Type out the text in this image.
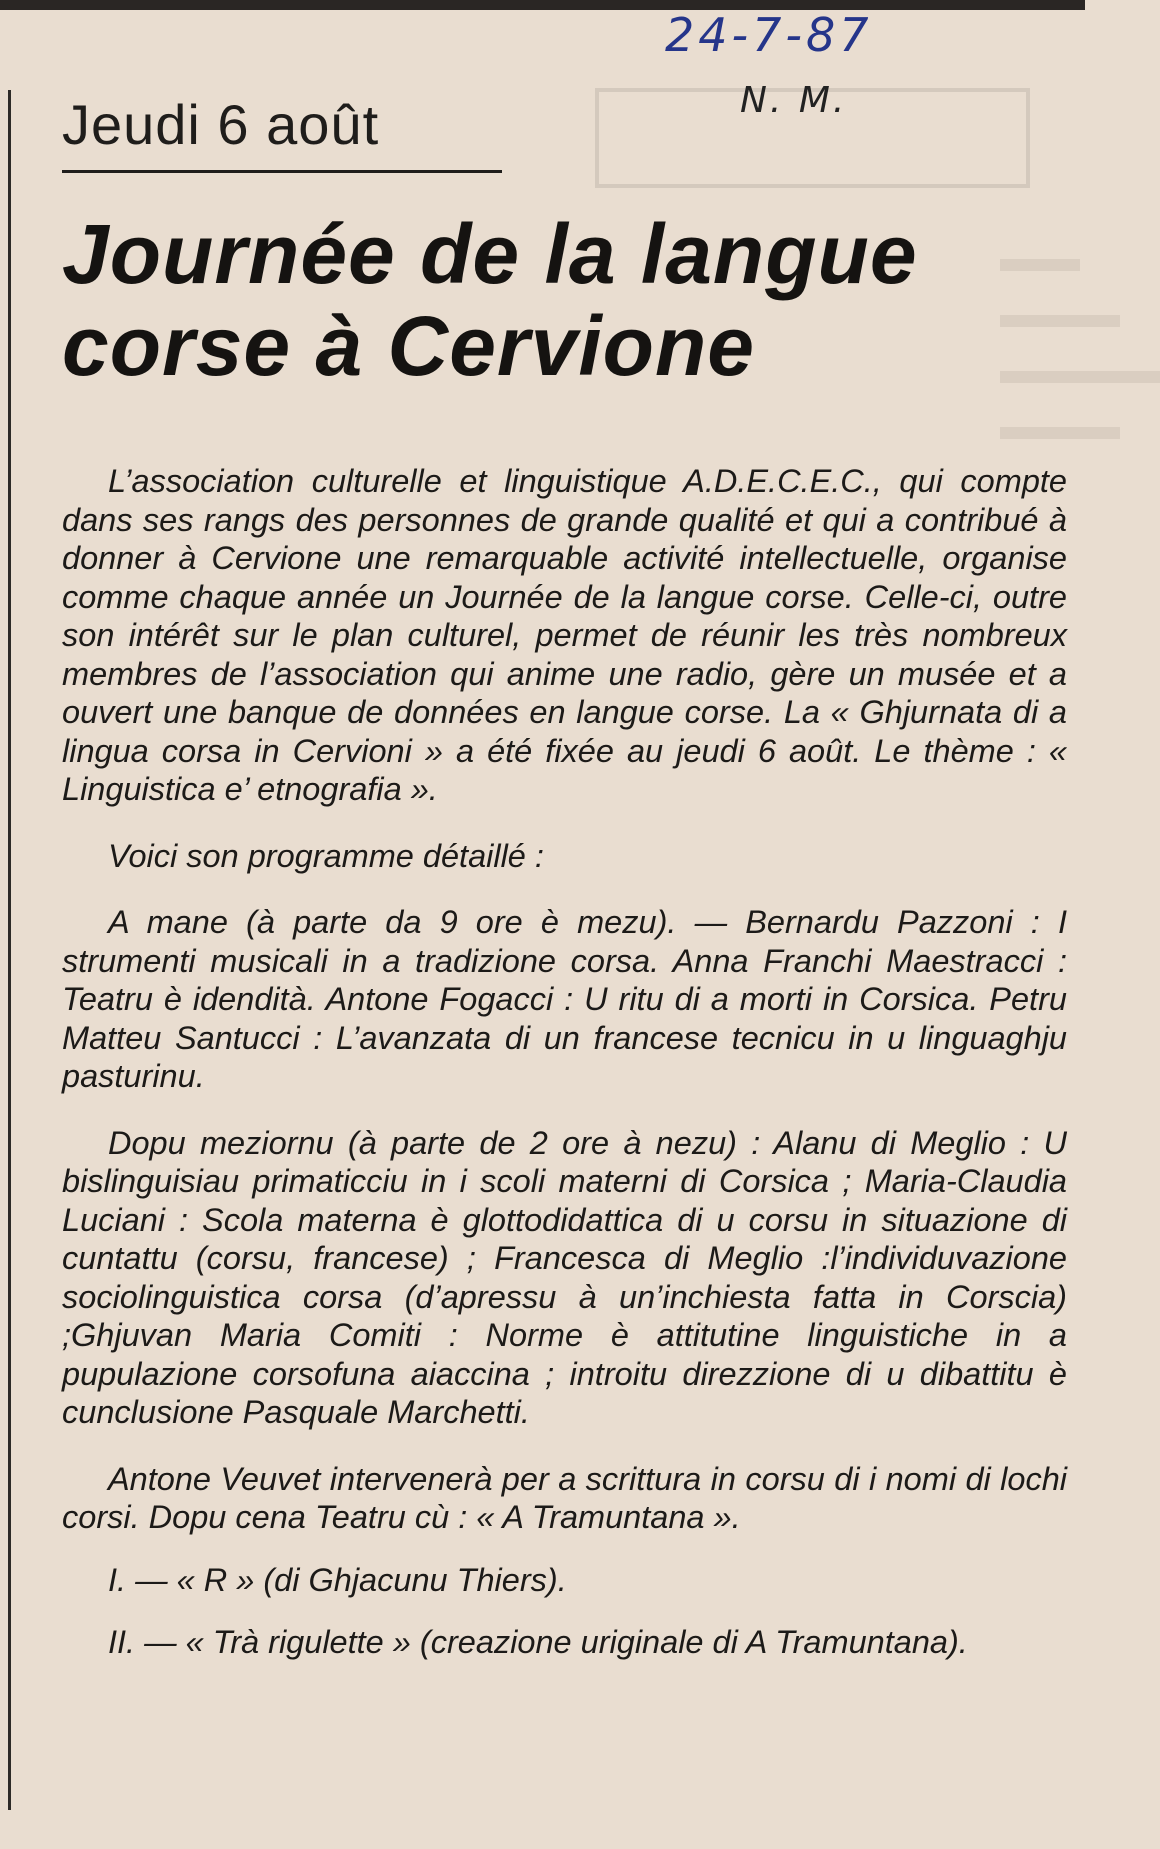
▬▬
▬▬▬
▬▬▬▬
▬▬▬
24-7-87
N. M.
Jeudi 6 août
Journée de la langue
corse à Cervione

L’association culturelle et linguistique A.D.E.C.E.C., qui compte dans ses rangs des personnes de grande qualité et qui a contribué à donner à Cervione une remarquable activité intellectuelle, organise comme chaque année un Journée de la langue corse. Celle-ci, outre son intérêt sur le plan culturel, permet de réunir les très nombreux membres de l’association qui anime une radio, gère un musée et a ouvert une banque de données en langue corse. La « Ghjurnata di a lingua corsa in Cervioni » a été fixée au jeudi 6 août. Le thème : « Linguistica e’ etnografia ».

Voici son programme détaillé :

A mane (à parte da 9 ore è mezu). — Bernardu Pazzoni : I strumenti musicali in a tradizione corsa. Anna Franchi Maestracci : Teatru è idendità. Antone Fogacci : U ritu di a morti in Corsica. Petru Matteu Santucci : L’avanzata di un francese tecnicu in u linguaghju pasturinu.

Dopu meziornu (à parte de 2 ore à nezu) : Alanu di Meglio : U bislinguisiau primaticciu in i scoli materni di Corsica ; Maria-Claudia Luciani : Scola materna è glottodidattica di u corsu in situazione di cuntattu (corsu, francese) ; Francesca di Meglio :l’individuvazione sociolinguistica corsa (d’apressu à un’inchiesta fatta in Corscia) ;Ghjuvan Maria Comiti : Norme è attitutine linguistiche in a pupulazione corsofuna aiaccina ; introitu direzzione di u dibattitu è cunclusione Pasquale Marchetti.

Antone Veuvet intervenerà per a scrittura in corsu di i nomi di lochi corsi. Dopu cena Teatru cù : « A Tramuntana ».

I. — « R » (di Ghjacunu Thiers).

II. — « Trà rigulette » (creazione uriginale di A Tramuntana).
